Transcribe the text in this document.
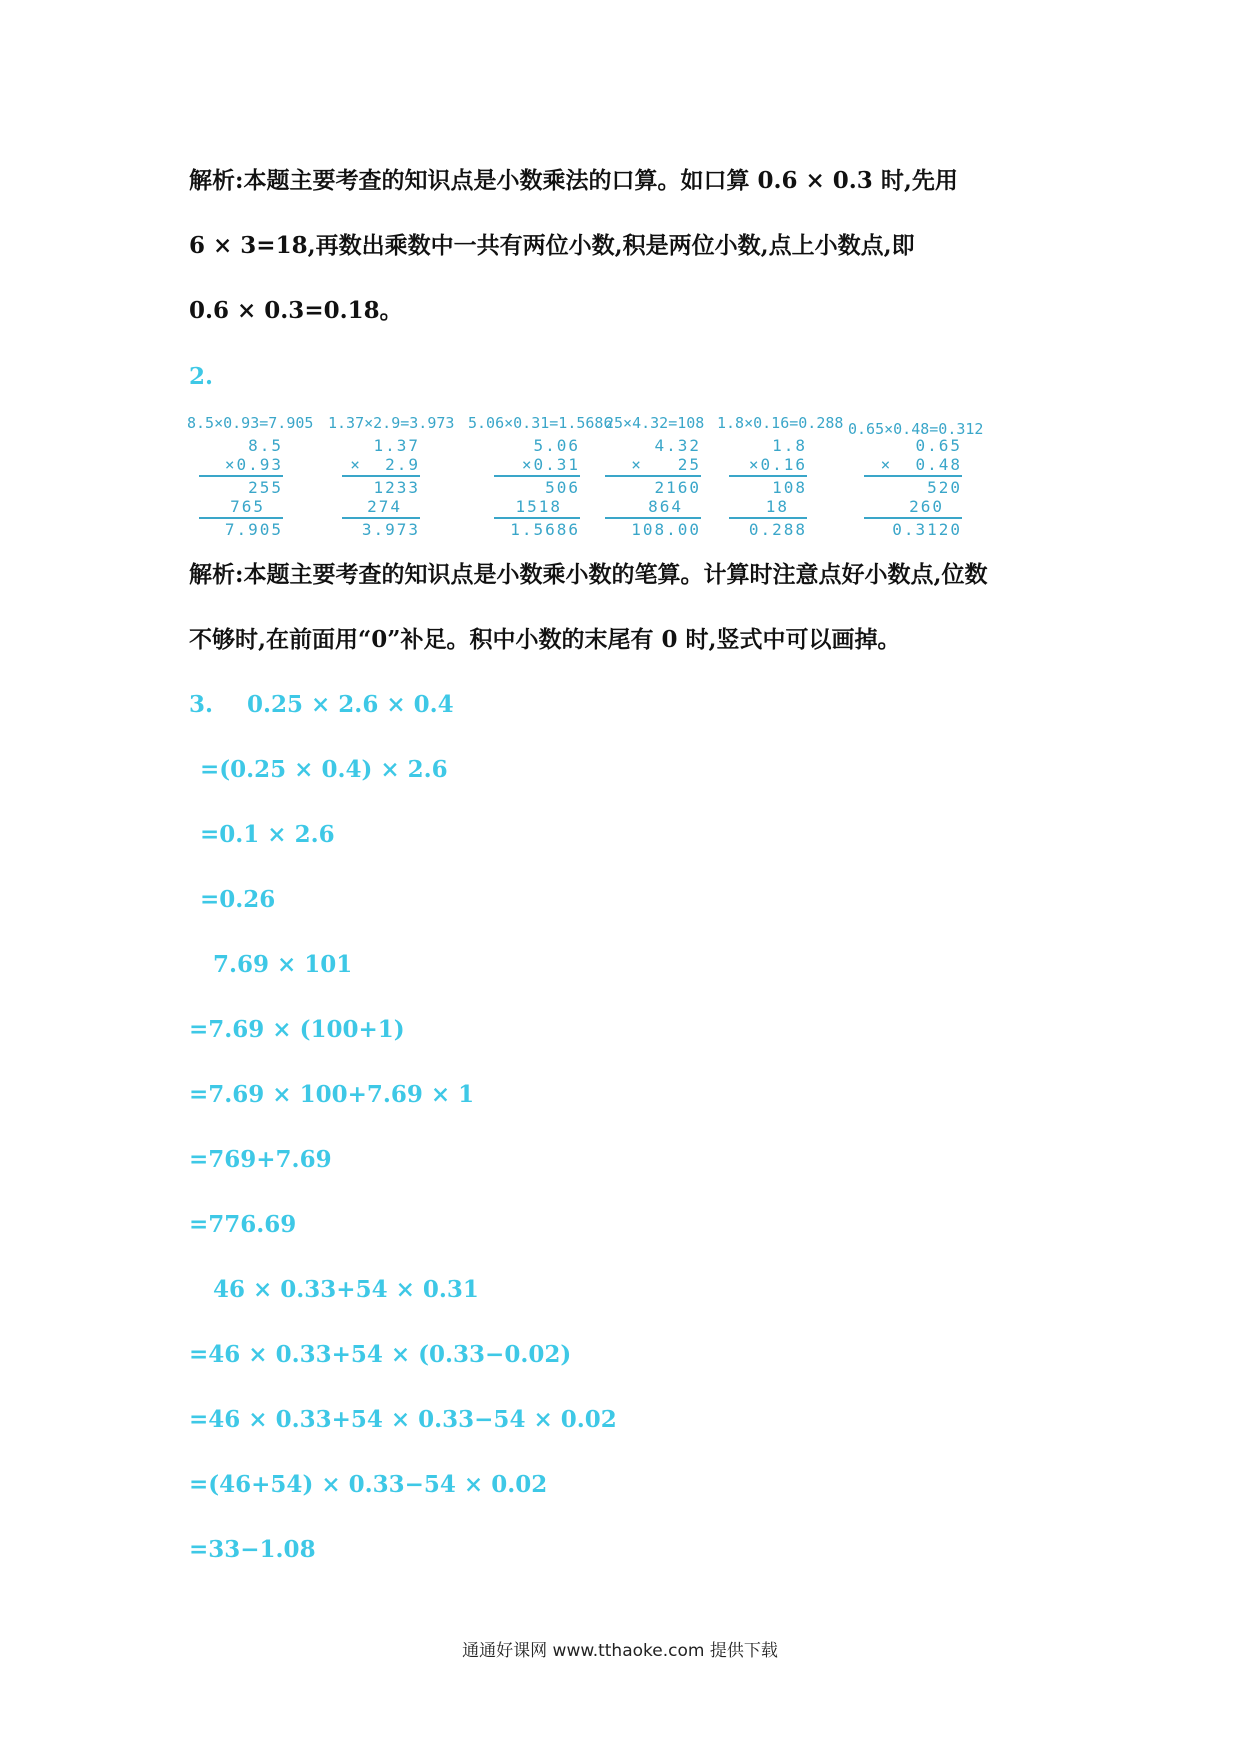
解析:本题主要考查的知识点是小数乘法的口算。如口算 0.6 × 0.3 时,先用
6 × 3=18,再数出乘数中一共有两位小数,积是两位小数,点上小数点,即
0.6 × 0.3=0.18。
2.
8.5×0.93=7.905
8.5
×0.93
255
765
7.905
1.37×2.9=3.973
1.37
×  2.9
1233
274
3.973
5.06×0.31=1.5686
5.06
×0.31
506
1518
1.5686
25×4.32=108
4.32
×   25
2160
864
108.00
1.8×0.16=0.288
1.8
×0.16
108
18
0.288
0.65×0.48=0.312
0.65
×  0.48
520
260
0.3120
解析:本题主要考查的知识点是小数乘小数的笔算。计算时注意点好小数点,位数
不够时,在前面用“0”补足。积中小数的末尾有 0 时,竖式中可以画掉。
3. 0.25 × 2.6 × 0.4
=(0.25 × 0.4) × 2.6
=0.1 × 2.6
=0.26
7.69 × 101
=7.69 × (100+1)
=7.69 × 100+7.69 × 1
=769+7.69
=776.69
46 × 0.33+54 × 0.31
=46 × 0.33+54 × (0.33−0.02)
=46 × 0.33+54 × 0.33−54 × 0.02
=(46+54) × 0.33−54 × 0.02
=33−1.08
通通好课网 www.tthaoke.com 提供下载
